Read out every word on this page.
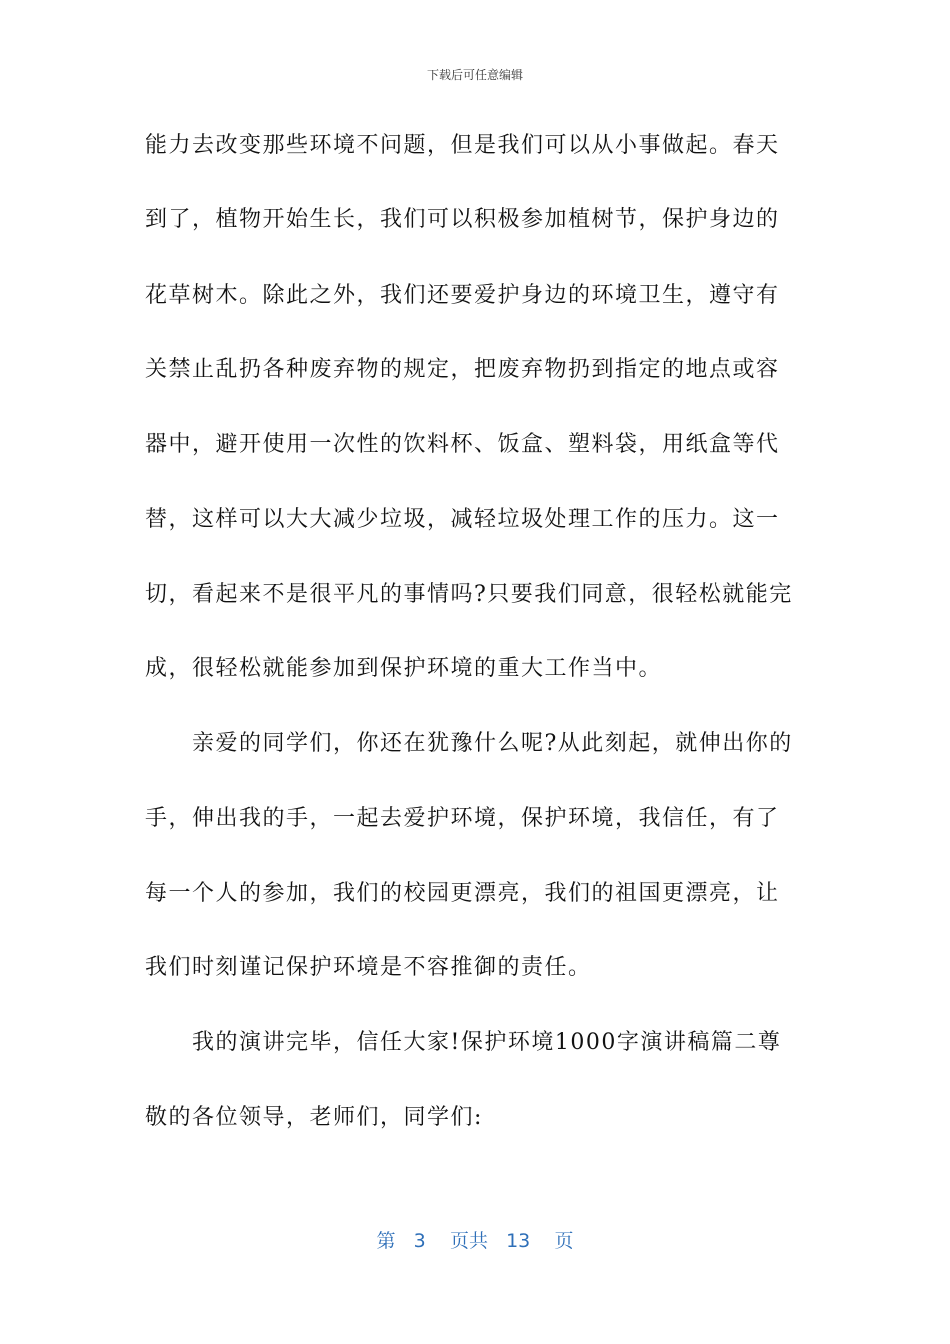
下载后可任意编辑
能力去改变那些环境不问题，但是我们可以从小事做起。春天
到了，植物开始生长，我们可以积极参加植树节，保护身边的
花草树木。除此之外，我们还要爱护身边的环境卫生，遵守有
关禁止乱扔各种废弃物的规定，把废弃物扔到指定的地点或容
器中，避开使用一次性的饮料杯、饭盒、塑料袋，用纸盒等代
替，这样可以大大减少垃圾，减轻垃圾处理工作的压力。这一
切，看起来不是很平凡的事情吗?只要我们同意，很轻松就能完
成，很轻松就能参加到保护环境的重大工作当中。
亲爱的同学们，你还在犹豫什么呢?从此刻起，就伸出你的
手，伸出我的手，一起去爱护环境，保护环境，我信任，有了
每一个人的参加，我们的校园更漂亮，我们的祖国更漂亮，让
我们时刻谨记保护环境是不容推御的责任。
我的演讲完毕，信任大家!保护环境1000字演讲稿篇二尊
敬的各位领导，老师们，同学们:
第 3 页共 13 页
